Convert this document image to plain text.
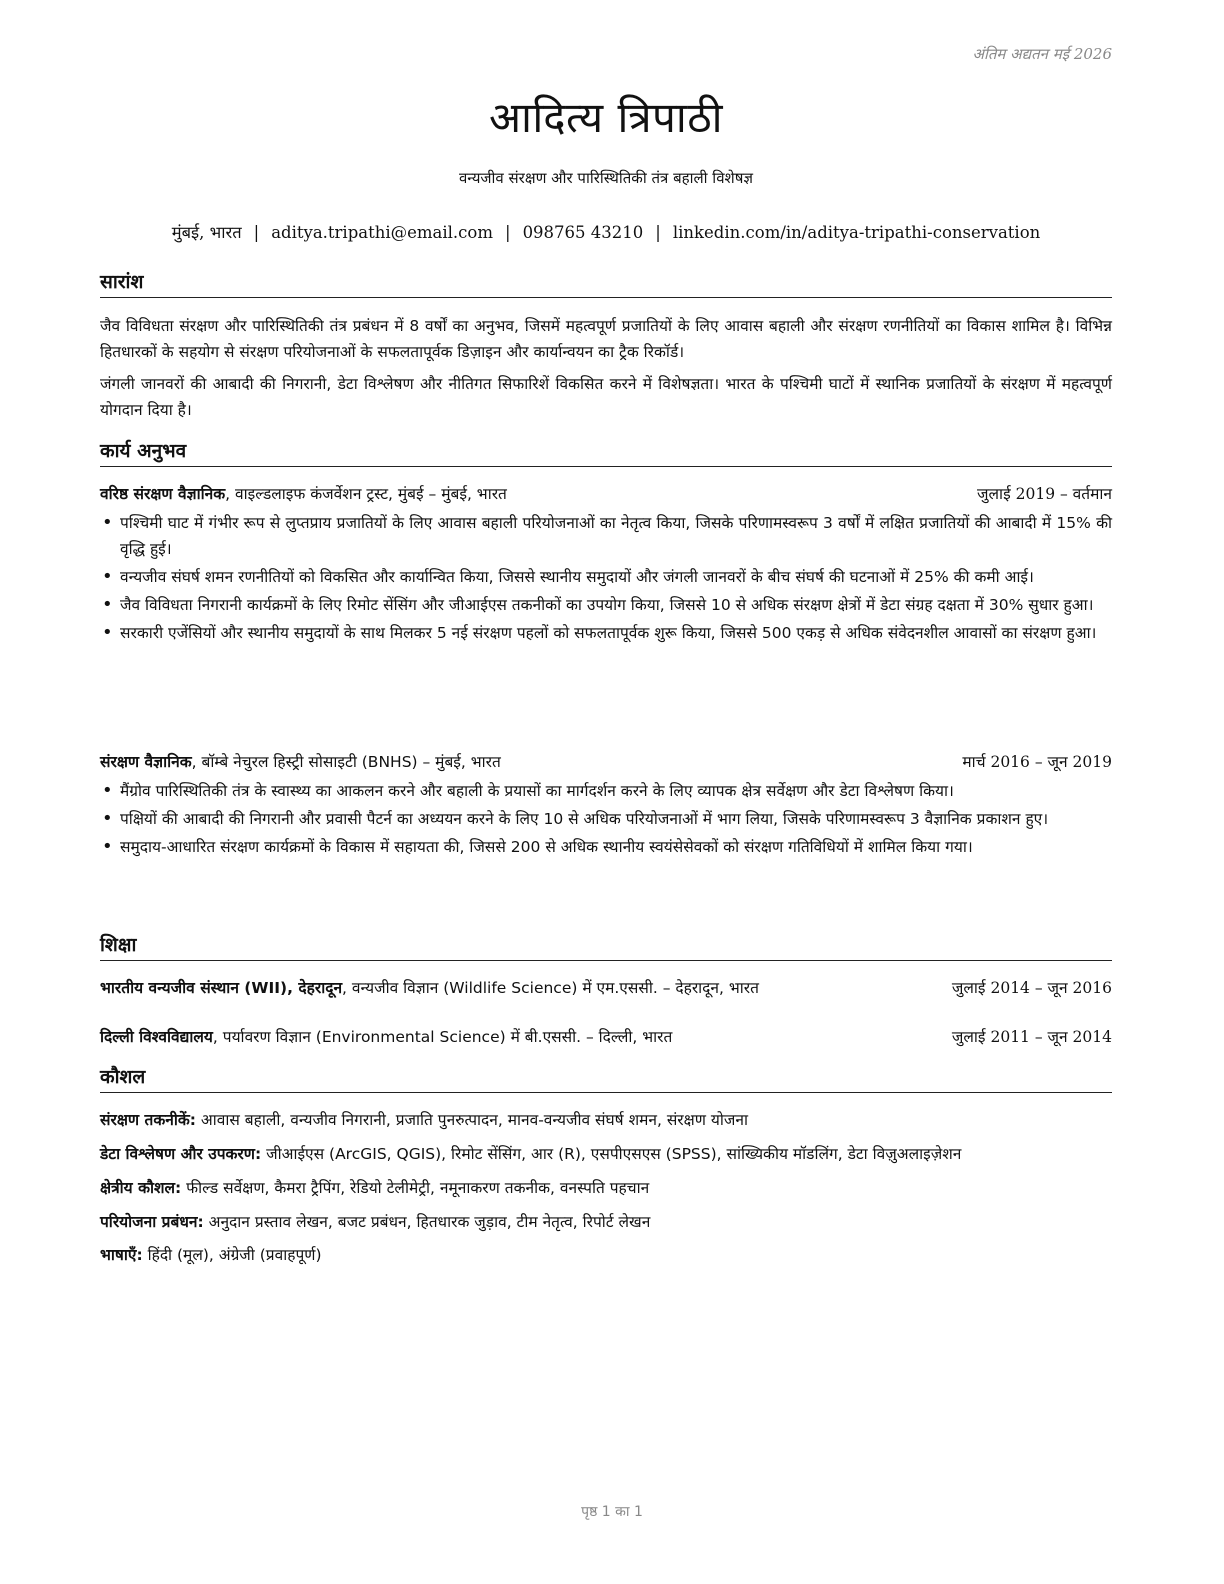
अंतिम अद्यतन मई 2026
आदित्य त्रिपाठी
वन्यजीव संरक्षण और पारिस्थितिकी तंत्र बहाली विशेषज्ञ
मुंबई, भारत | aditya.tripathi@email.com | 098765 43210 | linkedin.com/in/aditya-tripathi-conservation
सारांश
जैव विविधता संरक्षण और पारिस्थितिकी तंत्र प्रबंधन में 8 वर्षों का अनुभव, जिसमें महत्वपूर्ण प्रजातियों के लिए आवास बहाली और संरक्षण रणनीतियों का विकास शामिल है। विभिन्न हितधारकों के सहयोग से संरक्षण परियोजनाओं के सफलतापूर्वक डिज़ाइन और कार्यान्वयन का ट्रैक रिकॉर्ड।
जंगली जानवरों की आबादी की निगरानी, डेटा विश्लेषण और नीतिगत सिफारिशें विकसित करने में विशेषज्ञता। भारत के पश्चिमी घाटों में स्थानिक प्रजातियों के संरक्षण में महत्वपूर्ण योगदान दिया है।
कार्य अनुभव
वरिष्ठ संरक्षण वैज्ञानिक, वाइल्डलाइफ कंजर्वेशन ट्रस्ट, मुंबई – मुंबई, भारत	जुलाई 2019 – वर्तमान
• पश्चिमी घाट में गंभीर रूप से लुप्तप्राय प्रजातियों के लिए आवास बहाली परियोजनाओं का नेतृत्व किया, जिसके परिणामस्वरूप 3 वर्षों में लक्षित प्रजातियों की आबादी में 15% की वृद्धि हुई।
• वन्यजीव संघर्ष शमन रणनीतियों को विकसित और कार्यान्वित किया, जिससे स्थानीय समुदायों और जंगली जानवरों के बीच संघर्ष की घटनाओं में 25% की कमी आई।
• जैव विविधता निगरानी कार्यक्रमों के लिए रिमोट सेंसिंग और जीआईएस तकनीकों का उपयोग किया, जिससे 10 से अधिक संरक्षण क्षेत्रों में डेटा संग्रह दक्षता में 30% सुधार हुआ।
• सरकारी एजेंसियों और स्थानीय समुदायों के साथ मिलकर 5 नई संरक्षण पहलों को सफलतापूर्वक शुरू किया, जिससे 500 एकड़ से अधिक संवेदनशील आवासों का संरक्षण हुआ।
संरक्षण वैज्ञानिक, बॉम्बे नेचुरल हिस्ट्री सोसाइटी (BNHS) – मुंबई, भारत	मार्च 2016 – जून 2019
• मैंग्रोव पारिस्थितिकी तंत्र के स्वास्थ्य का आकलन करने और बहाली के प्रयासों का मार्गदर्शन करने के लिए व्यापक क्षेत्र सर्वेक्षण और डेटा विश्लेषण किया।
• पक्षियों की आबादी की निगरानी और प्रवासी पैटर्न का अध्ययन करने के लिए 10 से अधिक परियोजनाओं में भाग लिया, जिसके परिणामस्वरूप 3 वैज्ञानिक प्रकाशन हुए।
• समुदाय-आधारित संरक्षण कार्यक्रमों के विकास में सहायता की, जिससे 200 से अधिक स्थानीय स्वयंसेसेवकों को संरक्षण गतिविधियों में शामिल किया गया।
शिक्षा
भारतीय वन्यजीव संस्थान (WII), देहरादून, वन्यजीव विज्ञान (Wildlife Science) में एम.एससी. – देहरादून, भारत	जुलाई 2014 – जून 2016
दिल्ली विश्वविद्यालय, पर्यावरण विज्ञान (Environmental Science) में बी.एससी. – दिल्ली, भारत	जुलाई 2011 – जून 2014
कौशल
संरक्षण तकनीकें: आवास बहाली, वन्यजीव निगरानी, प्रजाति पुनरुत्पादन, मानव-वन्यजीव संघर्ष शमन, संरक्षण योजना
डेटा विश्लेषण और उपकरण: जीआईएस (ArcGIS, QGIS), रिमोट सेंसिंग, आर (R), एसपीएसएस (SPSS), सांख्यिकीय मॉडलिंग, डेटा विज़ुअलाइज़ेशन
क्षेत्रीय कौशल: फील्ड सर्वेक्षण, कैमरा ट्रैपिंग, रेडियो टेलीमेट्री, नमूनाकरण तकनीक, वनस्पति पहचान
परियोजना प्रबंधन: अनुदान प्रस्ताव लेखन, बजट प्रबंधन, हितधारक जुड़ाव, टीम नेतृत्व, रिपोर्ट लेखन
भाषाएँ: हिंदी (मूल), अंग्रेजी (प्रवाहपूर्ण)
पृष्ठ 1 का 1
